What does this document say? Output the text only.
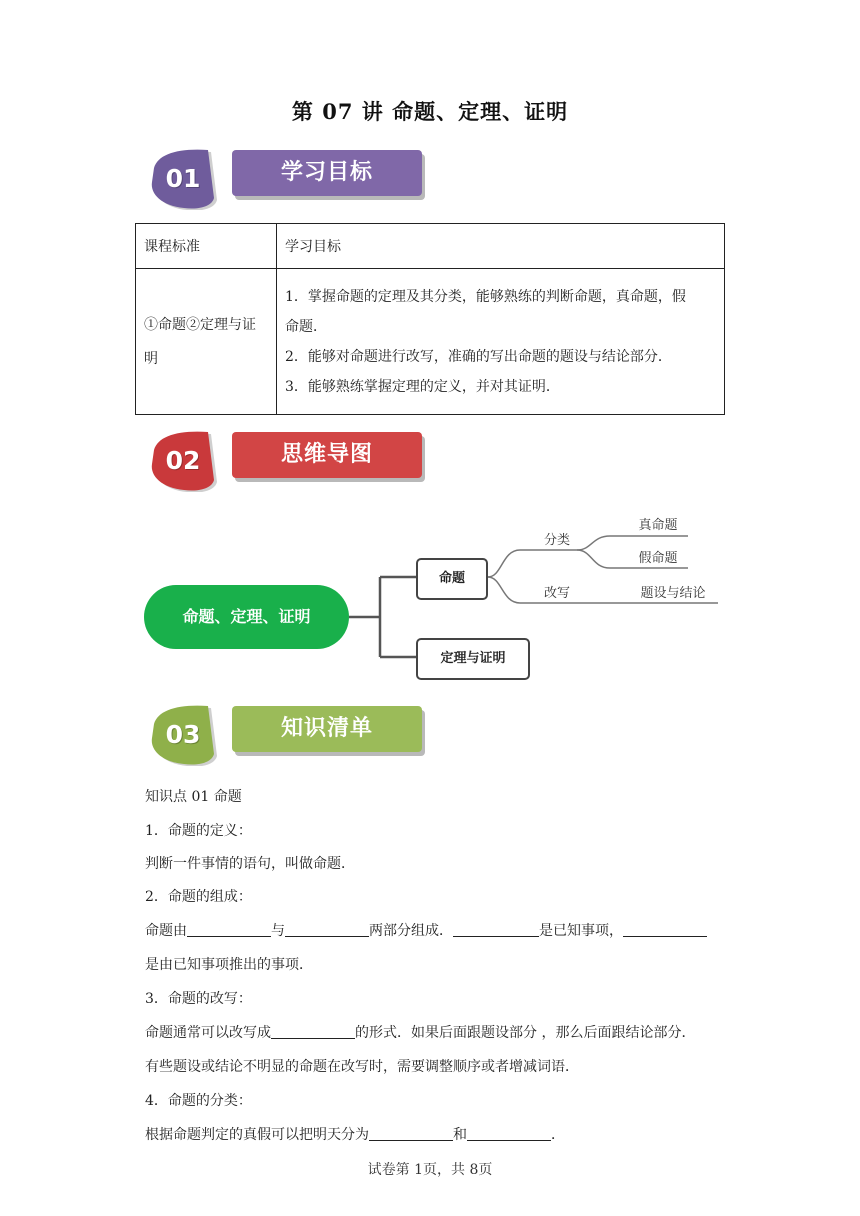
第 07 讲 命题、定理、证明
01	学习目标
课程标准	学习目标
①命题②定理与证明	1．掌握命题的定理及其分类，能够熟练的判断命题，真命题，假
命题．
2．能够对命题进行改写，准确的写出命题的题设与结论部分．
3．能够熟练掌握定理的定义，并对其证明．
02	思维导图
命题、定理、证明
命题
定理与证明
分类
改写
真命题
假命题
题设与结论
03	知识清单
知识点 01 命题
1．命题的定义：
判断一件事情的语句，叫做命题．
2．命题的组成：
命题由	与	两部分组成．	是已知事项，
是由已知事项推出的事项．
3．命题的改写：
命题通常可以改写成	的形式．如果后面跟题设部分 ，那么后面跟结论部分．
有些题设或结论不明显的命题在改写时，需要调整顺序或者增减词语．
4．命题的分类：
根据命题判定的真假可以把明天分为	和	．
试卷第 1页，共 8页
